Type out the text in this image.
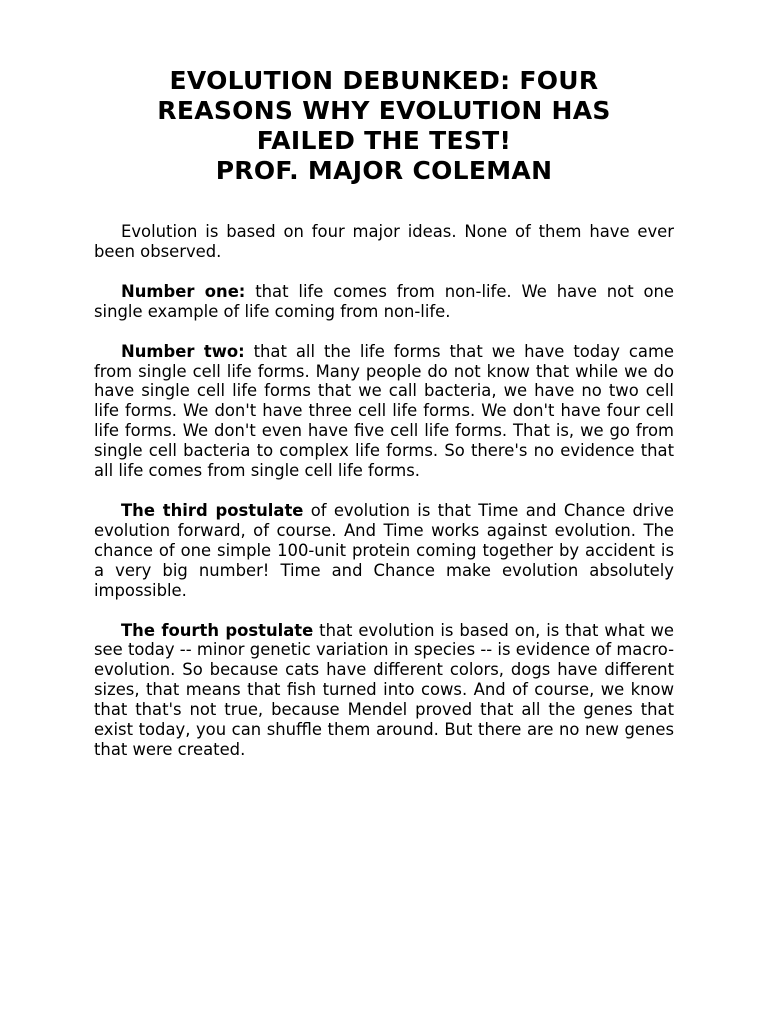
EVOLUTION DEBUNKED: FOUR
REASONS WHY EVOLUTION HAS
FAILED THE TEST!
PROF. MAJOR COLEMAN

Evolution is based on four major ideas. None of them have ever been observed.

Number one: that life comes from non-life. We have not one single example of life coming from non-life.

Number two: that all the life forms that we have today came from single cell life forms. Many people do not know that while we do have single cell life forms that we call bacteria, we have no two cell life forms. We don't have three cell life forms. We don't have four cell life forms. We don't even have five cell life forms. That is, we go from single cell bacteria to complex life forms. So there's no evidence that all life comes from single cell life forms.

The third postulate of evolution is that Time and Chance drive evolution forward, of course. And Time works against evolution. The chance of one simple 100-unit protein coming together by accident is a very big number! Time and Chance make evolution absolutely impossible.

The fourth postulate that evolution is based on, is that what we see today -- minor genetic variation in species -- is evidence of macro-evolution. So because cats have different colors, dogs have different sizes, that means that fish turned into cows. And of course, we know that that's not true, because Mendel proved that all the genes that exist today, you can shuffle them around. But there are no new genes that were created.
